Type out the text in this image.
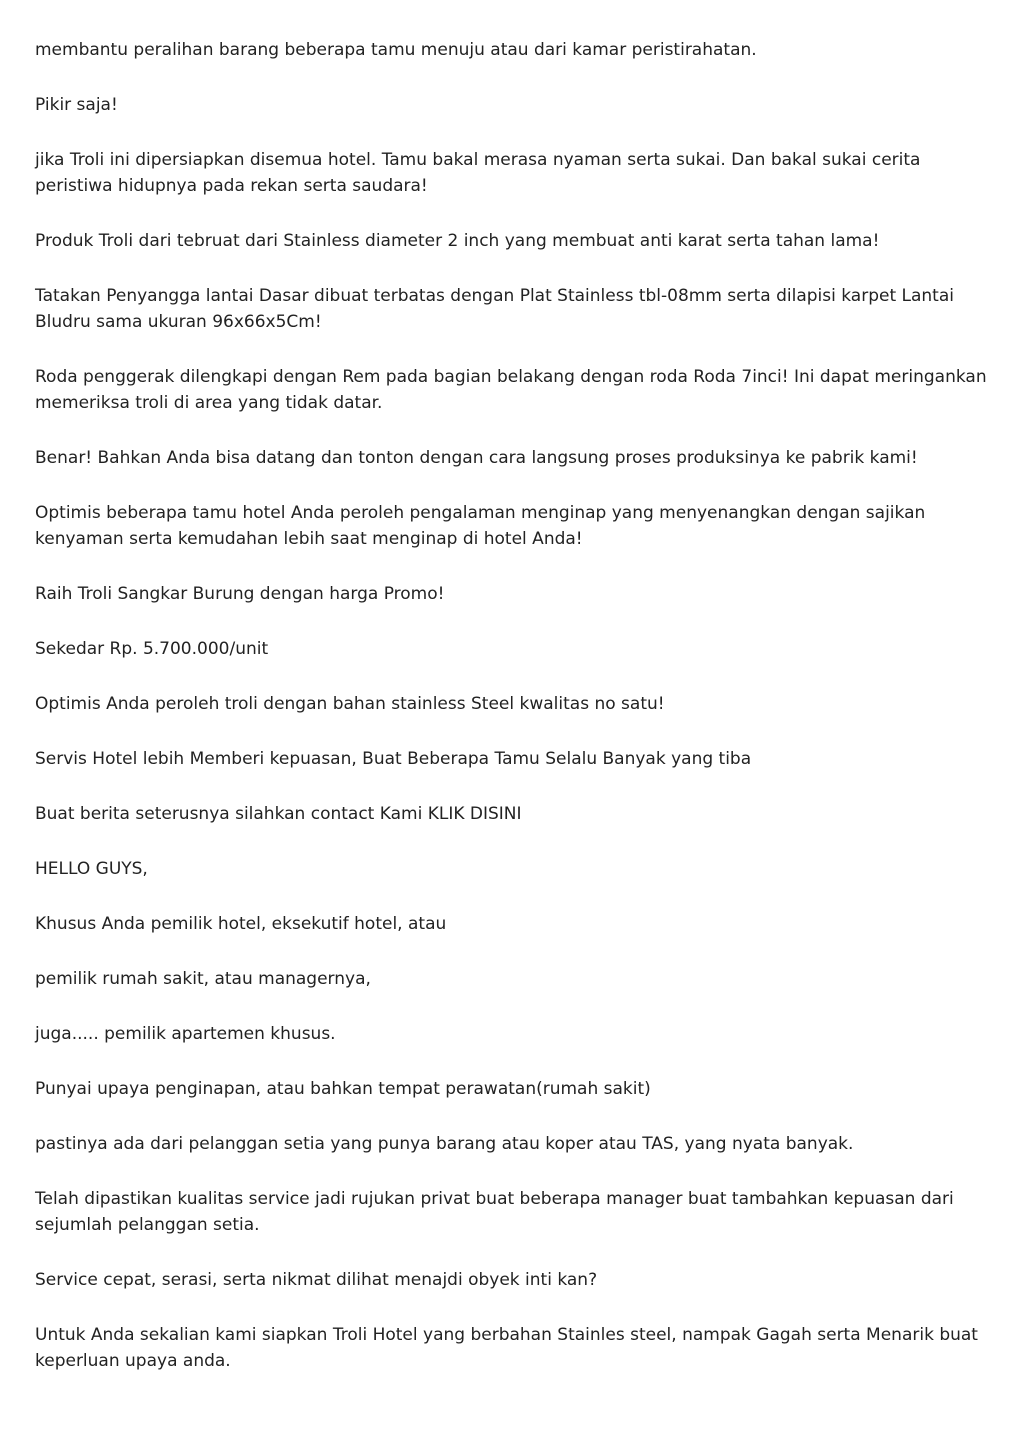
membantu peralihan barang beberapa tamu menuju atau dari kamar peristirahatan.

Pikir saja!

jika Troli ini dipersiapkan disemua hotel. Tamu bakal merasa nyaman serta sukai. Dan bakal sukai cerita peristiwa hidupnya pada rekan serta saudara!

Produk Troli dari tebruat dari Stainless diameter 2 inch yang membuat anti karat serta tahan lama!

Tatakan Penyangga lantai Dasar dibuat terbatas dengan Plat Stainless tbl-08mm serta dilapisi karpet Lantai Bludru sama ukuran 96x66x5Cm!

Roda penggerak dilengkapi dengan Rem pada bagian belakang dengan roda Roda 7inci! Ini dapat meringankan memeriksa troli di area yang tidak datar.

Benar! Bahkan Anda bisa datang dan tonton dengan cara langsung proses produksinya ke pabrik kami!

Optimis beberapa tamu hotel Anda peroleh pengalaman menginap yang menyenangkan dengan sajikan kenyaman serta kemudahan lebih saat menginap di hotel Anda!

Raih Troli Sangkar Burung dengan harga Promo!

Sekedar Rp. 5.700.000/unit

Optimis Anda peroleh troli dengan bahan stainless Steel kwalitas no satu!

Servis Hotel lebih Memberi kepuasan, Buat Beberapa Tamu Selalu Banyak yang tiba

Buat berita seterusnya silahkan contact Kami KLIK DISINI

HELLO GUYS,

Khusus Anda pemilik hotel, eksekutif hotel, atau

pemilik rumah sakit, atau managernya,

juga..... pemilik apartemen khusus.

Punyai upaya penginapan, atau bahkan tempat perawatan(rumah sakit)

pastinya ada dari pelanggan setia yang punya barang atau koper atau TAS, yang nyata banyak.

Telah dipastikan kualitas service jadi rujukan privat buat beberapa manager buat tambahkan kepuasan dari sejumlah pelanggan setia.

Service cepat, serasi, serta nikmat dilihat menajdi obyek inti kan?

Untuk Anda sekalian kami siapkan Troli Hotel yang berbahan Stainles steel, nampak Gagah serta Menarik buat keperluan upaya anda.
